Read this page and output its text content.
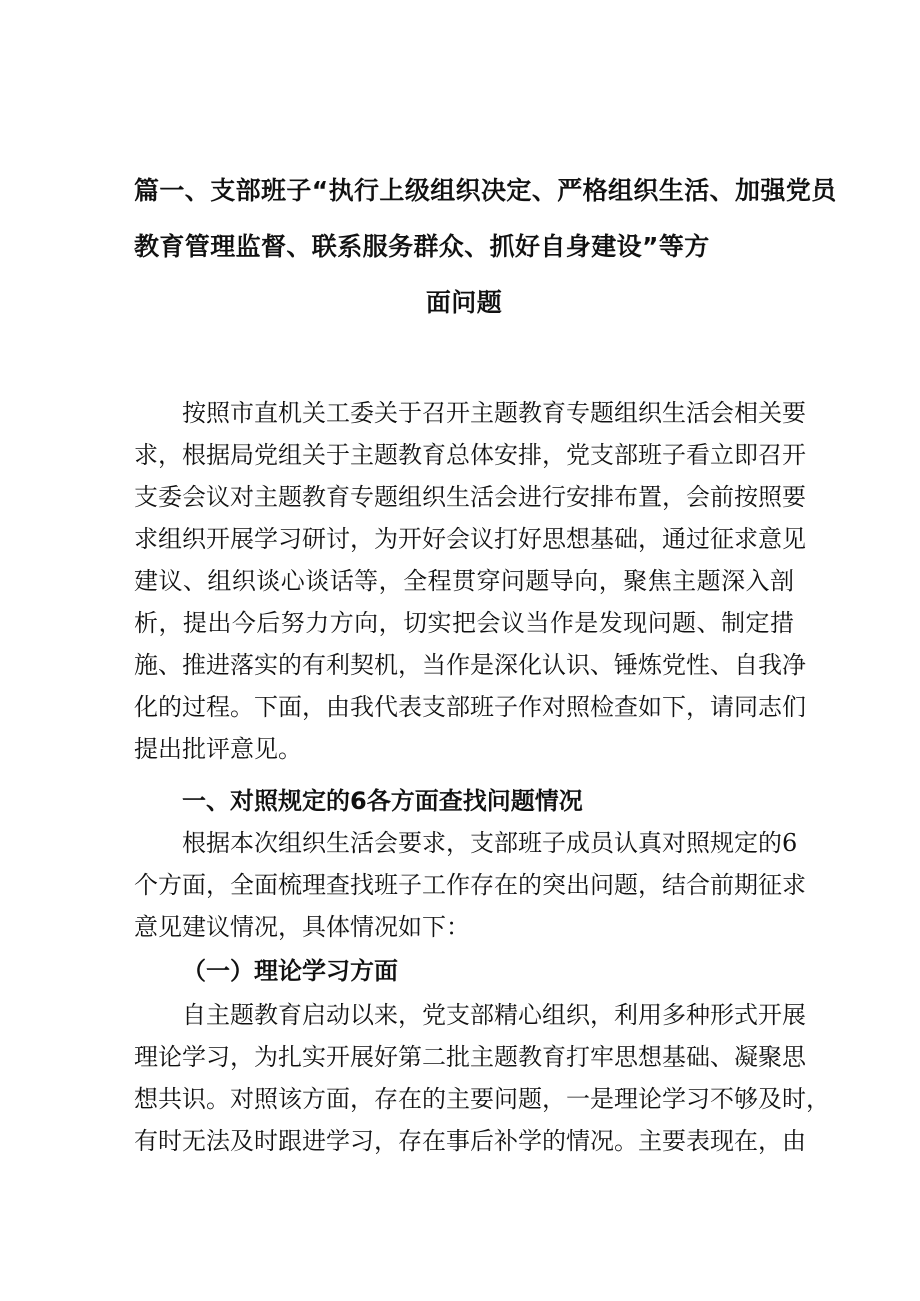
篇一、支部班子“执行上级组织决定、严格组织生活、加强党员
教育管理监督、联系服务群众、抓好自身建设”等方
面问题
按照市直机关工委关于召开主题教育专题组织生活会相关要
求，根据局党组关于主题教育总体安排，党支部班子看立即召开
支委会议对主题教育专题组织生活会进行安排布置，会前按照要
求组织开展学习研讨，为开好会议打好思想基础，通过征求意见
建议、组织谈心谈话等，全程贯穿问题导向，聚焦主题深入剖
析，提出今后努力方向，切实把会议当作是发现问题、制定措
施、推进落实的有利契机，当作是深化认识、锤炼党性、自我净
化的过程。下面，由我代表支部班子作对照检查如下，请同志们
提出批评意见。
一、对照规定的6各方面查找问题情况
根据本次组织生活会要求，支部班子成员认真对照规定的6
个方面，全面梳理查找班子工作存在的突出问题，结合前期征求
意见建议情况，具体情况如下：
（一）理论学习方面
自主题教育启动以来，党支部精心组织，利用多种形式开展
理论学习，为扎实开展好第二批主题教育打牢思想基础、凝聚思
想共识。对照该方面，存在的主要问题，一是理论学习不够及时，
有时无法及时跟进学习，存在事后补学的情况。主要表现在，由
